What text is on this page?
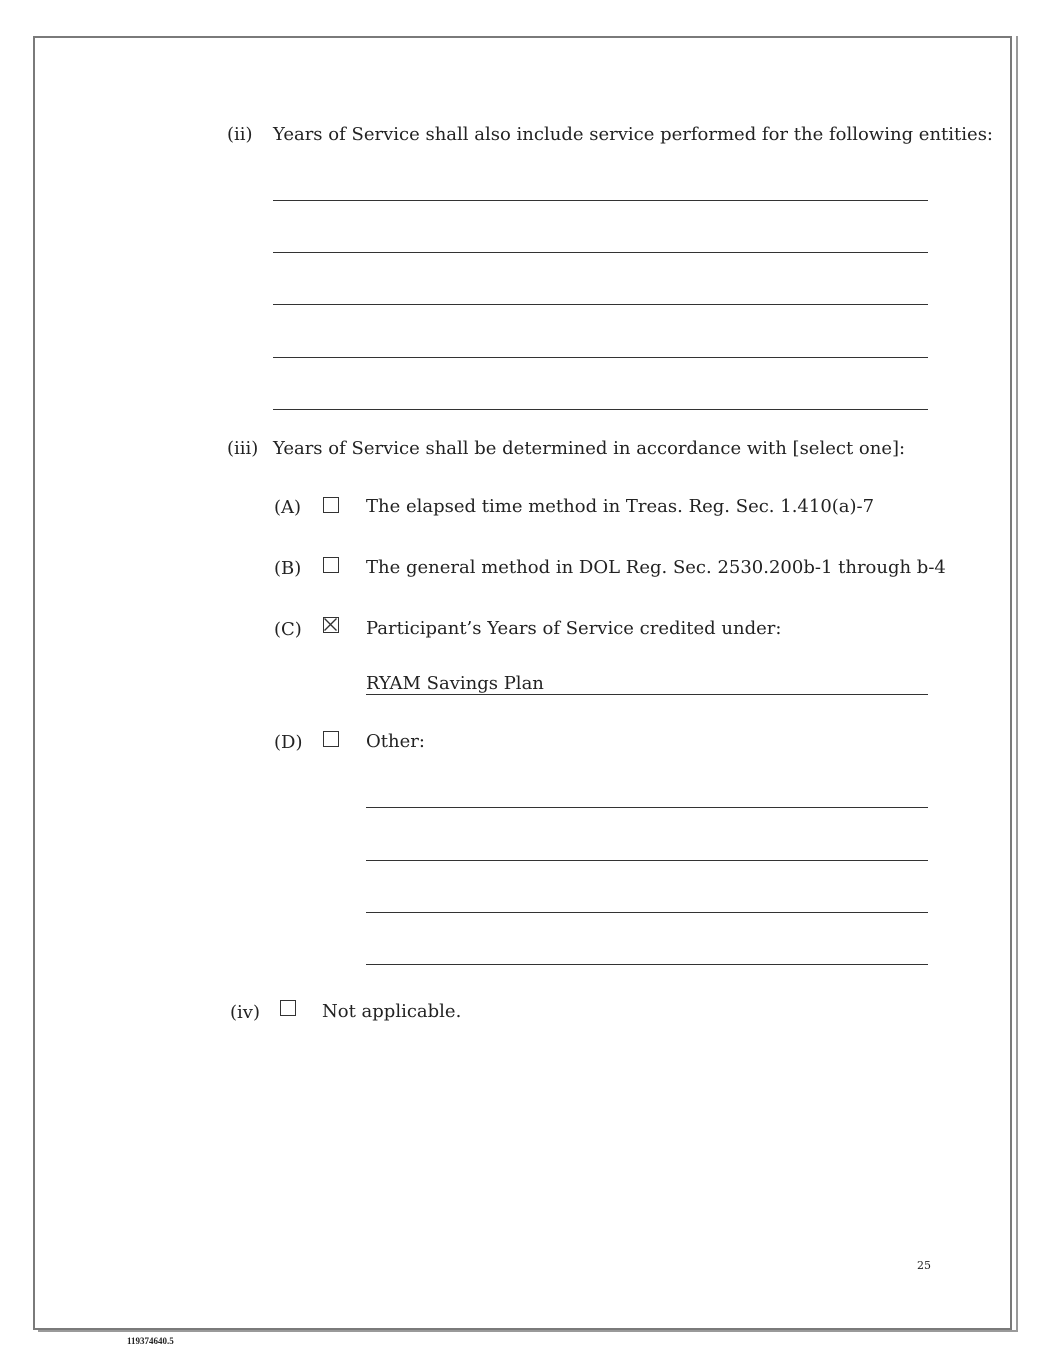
(ii) Years of Service shall also include service performed for the following entities:
(iii) Years of Service shall be determined in accordance with [select one]:
(A)	The elapsed time method in Treas. Reg. Sec. 1.410(a)-7
(B)	The general method in DOL Reg. Sec. 2530.200b-1 through b-4
(C)	Participant’s Years of Service credited under:
RYAM Savings Plan
(D)	Other:
(iv)	Not applicable.
25
119374640.5
